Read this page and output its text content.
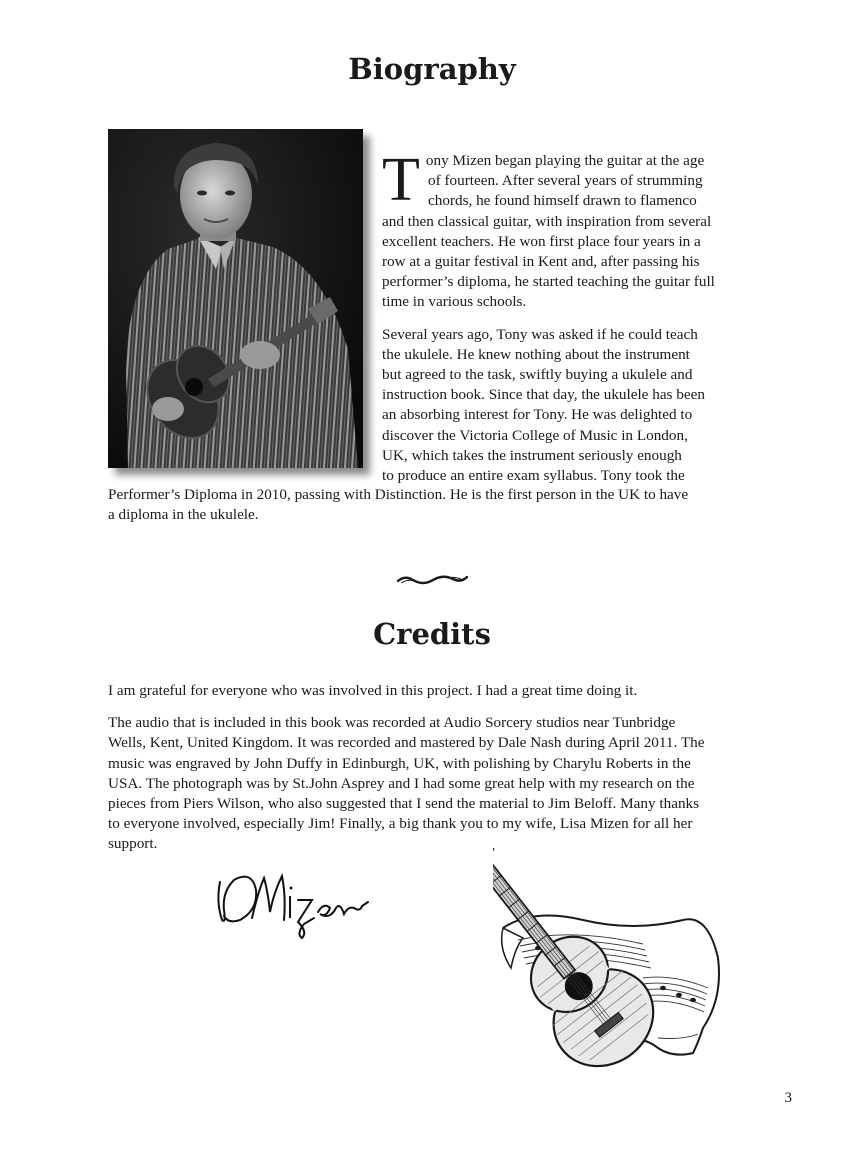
Biography

T ony Mizen began playing the guitar at the age
of fourteen. After several years of strumming
chords, he found himself drawn to flamenco
and then classical guitar, with inspiration from several
excellent teachers. He won first place four years in a
row at a guitar festival in Kent and, after passing his
performer’s diploma, he started teaching the guitar full
time in various schools.

Several years ago, Tony was asked if he could teach
the ukulele. He knew nothing about the instrument
but agreed to the task, swiftly buying a ukulele and
instruction book. Since that day, the ukulele has been
an absorbing interest for Tony. He was delighted to
discover the Victoria College of Music in London,
UK, which takes the instrument seriously enough
to produce an entire exam syllabus. Tony took the

Performer’s Diploma in 2010, passing with Distinction. He is the first person in the UK to have
a diploma in the ukulele.
Credits

I am grateful for everyone who was involved in this project. I had a great time doing it.

The audio that is included in this book was recorded at Audio Sorcery studios near Tunbridge
Wells, Kent, United Kingdom. It was recorded and mastered by Dale Nash during April 2011. The
music was engraved by John Duffy in Edinburgh, UK, with polishing by Charylu Roberts in the
USA. The photograph was by St.John Asprey and I had some great help with my research on the
pieces from Piers Wilson, who also suggested that I send the material to Jim Beloff. Many thanks
to everyone involved, especially Jim! Finally, a big thank you to my wife, Lisa Mizen for all her
support.

3
